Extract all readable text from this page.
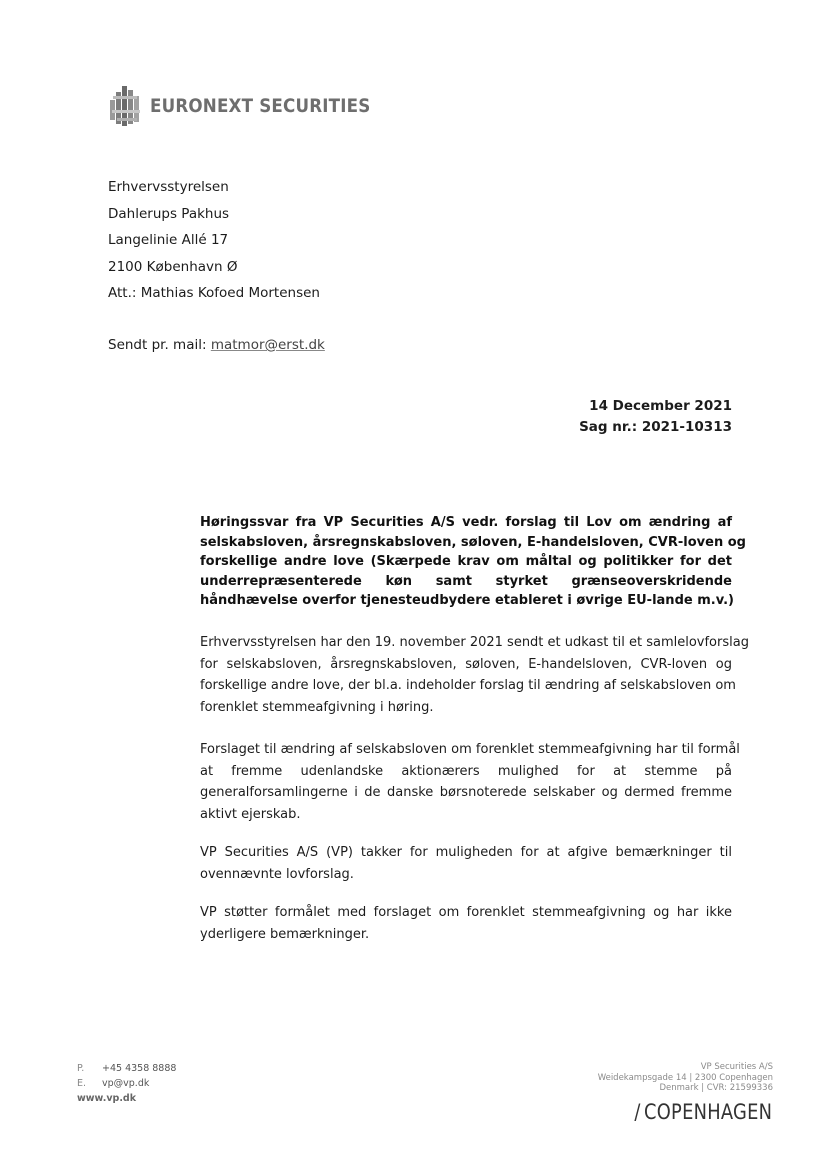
EURONEXT SECURITIES
Erhvervsstyrelsen
Dahlerups Pakhus
Langelinie Allé 17
2100 København Ø
Att.: Mathias Kofoed Mortensen
Sendt pr. mail: matmor@erst.dk
14 December 2021
Sag nr.: 2021-10313
Høringssvar fra VP Securities A/S vedr. forslag til Lov om ændring af
selskabsloven, årsregnskabsloven, søloven, E-handelsloven, CVR-loven og
forskellige andre love (Skærpede krav om måltal og politikker for det
underrepræsenterede køn samt styrket grænseoverskridende
håndhævelse overfor tjenesteudbydere etableret i øvrige EU-lande m.v.)
Erhvervsstyrelsen har den 19. november 2021 sendt et udkast til et samlelovforslag
for selskabsloven, årsregnskabsloven, søloven, E-handelsloven, CVR-loven og
forskellige andre love, der bl.a. indeholder forslag til ændring af selskabsloven om
forenklet stemmeafgivning i høring.
Forslaget til ændring af selskabsloven om forenklet stemmeafgivning har til formål
at fremme udenlandske aktionærers mulighed for at stemme på
generalforsamlingerne i de danske børsnoterede selskaber og dermed fremme
aktivt ejerskab.
VP Securities A/S (VP) takker for muligheden for at afgive bemærkninger til
ovennævnte lovforslag.
VP støtter formålet med forslaget om forenklet stemmeafgivning og har ikke
yderligere bemærkninger.
P. +45 4358 8888
E. vp@vp.dk
www.vp.dk
VP Securities A/S
Weidekampsgade 14 | 2300 Copenhagen
Denmark | CVR: 21599336
/ COPENHAGEN
